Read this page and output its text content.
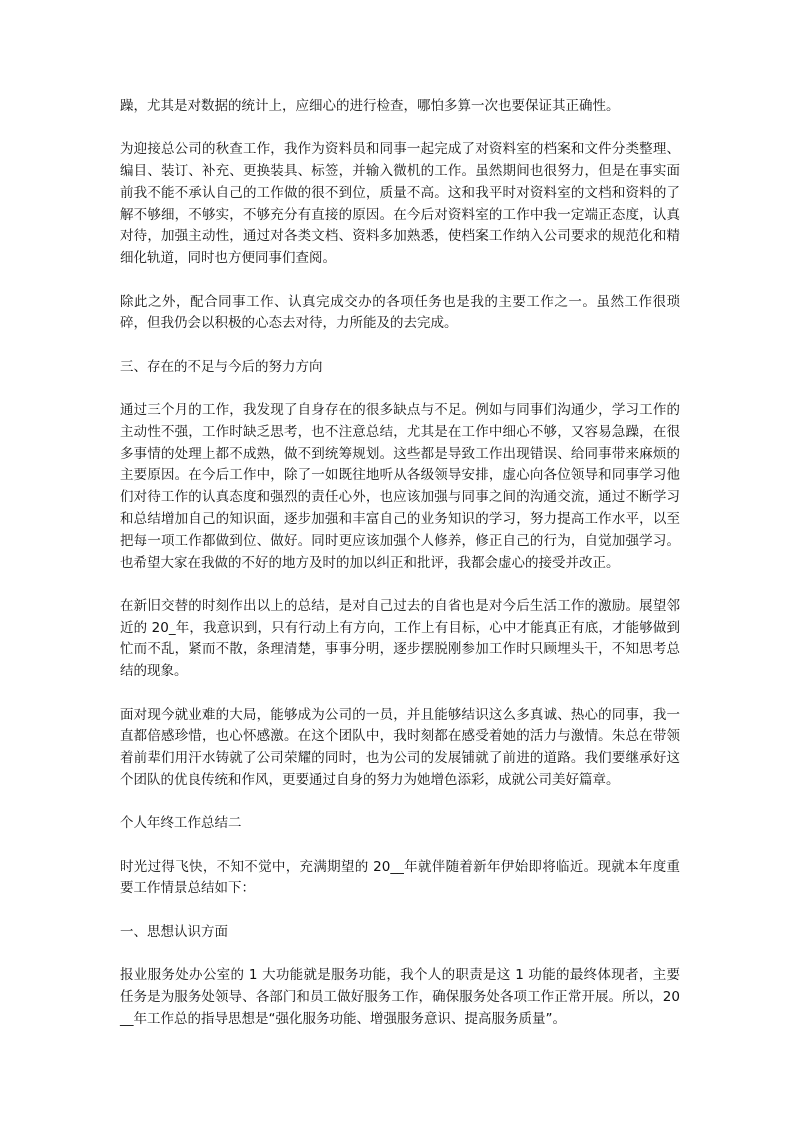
躁，尤其是对数据的统计上，应细心的进行检查，哪怕多算一次也要保证其正确性。

为迎接总公司的秋查工作，我作为资料员和同事一起完成了对资料室的档案和文件分类整理、编目、装订、补充、更换装具、标签，并输入微机的工作。虽然期间也很努力，但是在事实面前我不能不承认自己的工作做的很不到位，质量不高。这和我平时对资料室的文档和资料的了解不够细，不够实，不够充分有直接的原因。在今后对资料室的工作中我一定端正态度，认真对待，加强主动性，通过对各类文档、资料多加熟悉，使档案工作纳入公司要求的规范化和精细化轨道，同时也方便同事们查阅。

除此之外，配合同事工作、认真完成交办的各项任务也是我的主要工作之一。虽然工作很琐碎，但我仍会以积极的心态去对待，力所能及的去完成。

三、存在的不足与今后的努力方向

通过三个月的工作，我发现了自身存在的很多缺点与不足。例如与同事们沟通少，学习工作的主动性不强，工作时缺乏思考，也不注意总结，尤其是在工作中细心不够，又容易急躁，在很多事情的处理上都不成熟，做不到统筹规划。这些都是导致工作出现错误、给同事带来麻烦的主要原因。在今后工作中，除了一如既往地听从各级领导安排，虚心向各位领导和同事学习他们对待工作的认真态度和强烈的责任心外，也应该加强与同事之间的沟通交流，通过不断学习和总结增加自己的知识面，逐步加强和丰富自己的业务知识的学习，努力提高工作水平，以至把每一项工作都做到位、做好。同时更应该加强个人修养，修正自己的行为，自觉加强学习。也希望大家在我做的不好的地方及时的加以纠正和批评，我都会虚心的接受并改正。

在新旧交替的时刻作出以上的总结，是对自己过去的自省也是对今后生活工作的激励。展望邻近的 20_年，我意识到，只有行动上有方向，工作上有目标，心中才能真正有底，才能够做到忙而不乱，紧而不散，条理清楚，事事分明，逐步摆脱刚参加工作时只顾埋头干，不知思考总结的现象。

面对现今就业难的大局，能够成为公司的一员，并且能够结识这么多真诚、热心的同事，我一直都倍感珍惜，也心怀感激。在这个团队中，我时刻都在感受着她的活力与激情。朱总在带领着前辈们用汗水铸就了公司荣耀的同时，也为公司的发展铺就了前进的道路。我们要继承好这个团队的优良传统和作风，更要通过自身的努力为她增色添彩，成就公司美好篇章。

个人年终工作总结二

时光过得飞快，不知不觉中，充满期望的 20__年就伴随着新年伊始即将临近。现就本年度重要工作情景总结如下：

一、思想认识方面

报业服务处办公室的 1 大功能就是服务功能，我个人的职责是这 1 功能的最终体现者，主要任务是为服务处领导、各部门和员工做好服务工作，确保服务处各项工作正常开展。所以，20__年工作总的指导思想是“强化服务功能、增强服务意识、提高服务质量”。
